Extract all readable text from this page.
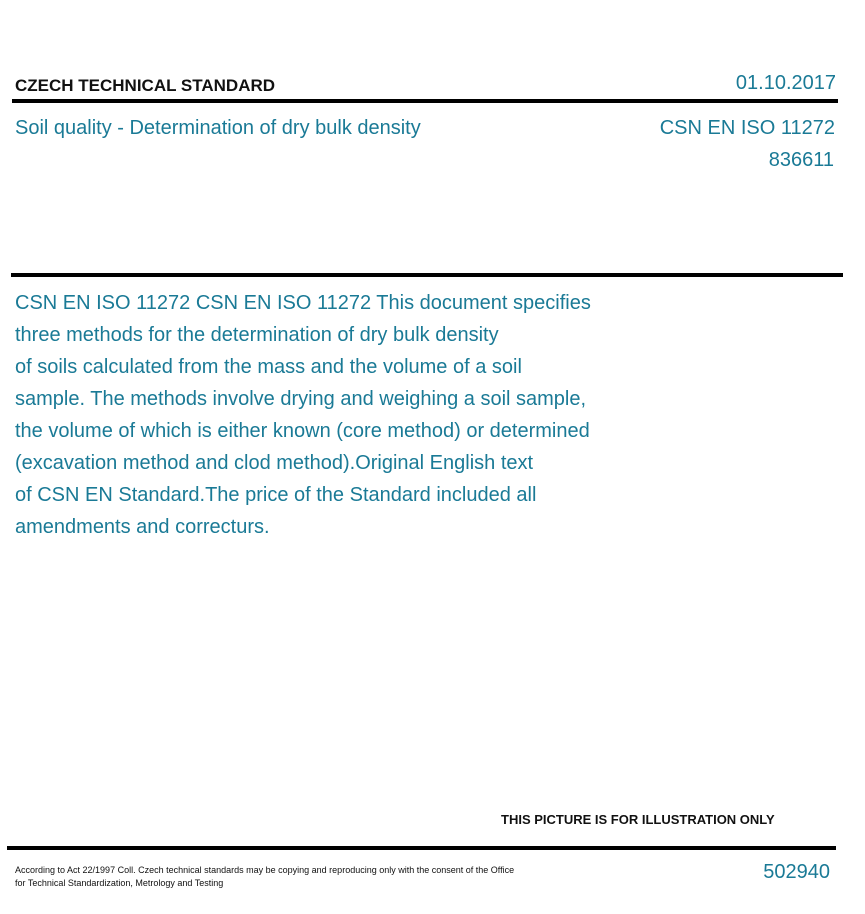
CZECH TECHNICAL STANDARD	01.10.2017
Soil quality - Determination of dry bulk density	CSN EN ISO 11272
836611
CSN EN ISO 11272 CSN EN ISO 11272 This document specifies
three methods for the determination of dry bulk density
of soils calculated from the mass and the volume of a soil
sample. The methods involve drying and weighing a soil sample,
the volume of which is either known (core method) or determined
(excavation method and clod method).Original English text
of CSN EN Standard.The price of the Standard included all
amendments and correcturs.
THIS PICTURE IS FOR ILLUSTRATION ONLY
According to Act 22/1997 Coll. Czech technical standards may be copying and reproducing only with the consent of the Office
for Technical Standardization, Metrology and Testing	502940
